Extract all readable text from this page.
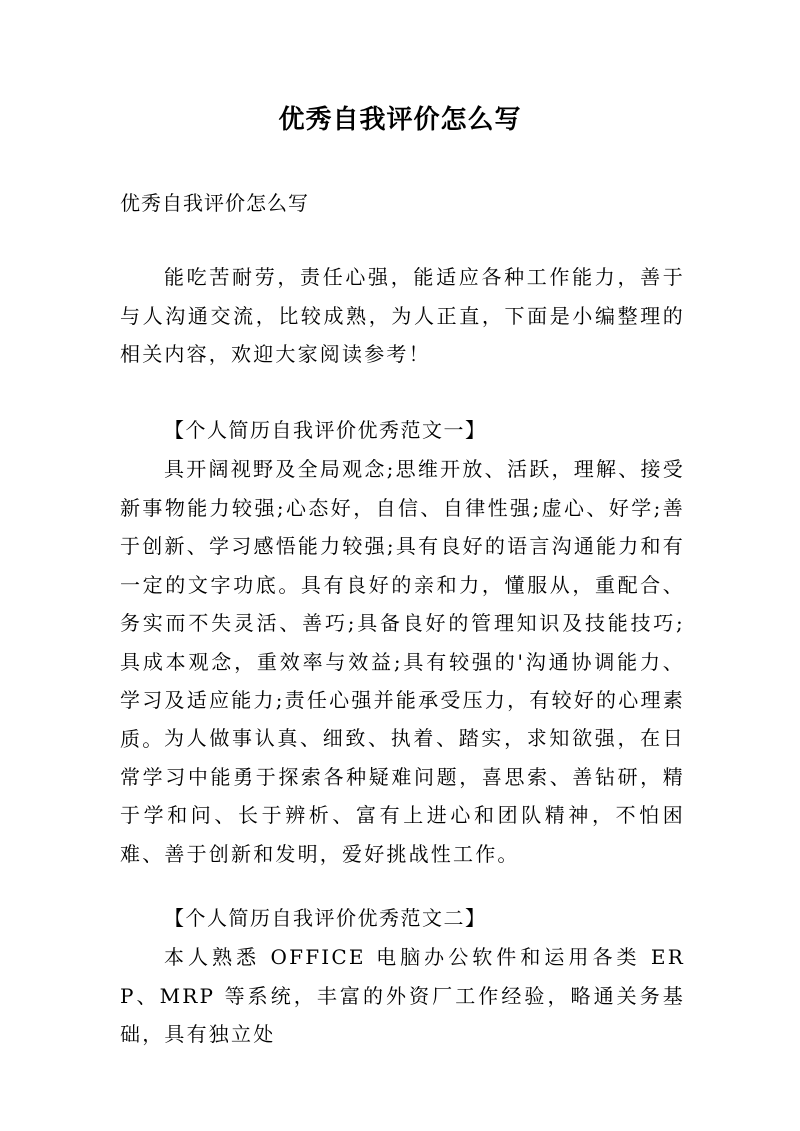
优秀自我评价怎么写
优秀自我评价怎么写

能吃苦耐劳，责任心强，能适应各种工作能力，善于与人沟通交流，比较成熟，为人正直，下面是小编整理的相关内容，欢迎大家阅读参考！

【个人简历自我评价优秀范文一】

具开阔视野及全局观念;思维开放、活跃，理解、接受新事物能力较强;心态好，自信、自律性强;虚心、好学;善于创新、学习感悟能力较强;具有良好的语言沟通能力和有一定的文字功底。具有良好的亲和力，懂服从，重配合、务实而不失灵活、善巧;具备良好的管理知识及技能技巧;具成本观念，重效率与效益;具有较强的'沟通协调能力、学习及适应能力;责任心强并能承受压力，有较好的心理素质。 为人做事认真、细致、执着、踏实，求知欲强，在日常学习中能勇于探索各种疑难问题，喜思索、善钻研，精于学和问、长于辨析、富有上进心和团队精神，不怕困难、善于创新和发明，爱好挑战性工作。

【个人简历自我评价优秀范文二】

本人熟悉 OFFICE 电脑办公软件和运用各类 ERP、MRP 等系统，丰富的外资厂工作经验，略通关务基础，具有独立处
